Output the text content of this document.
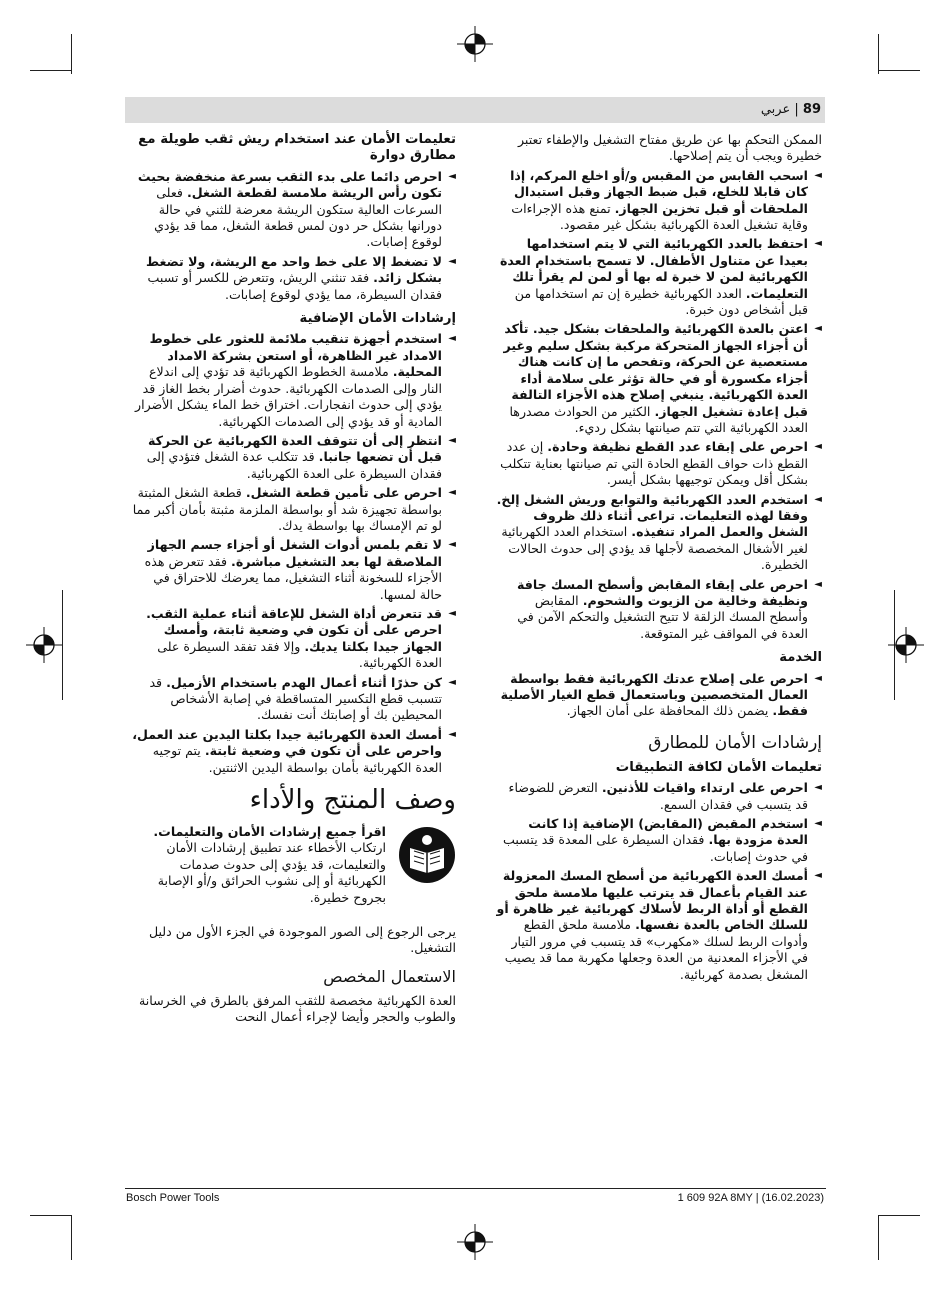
89 | عربي
الممكن التحكم بها عن طريق مفتاح التشغيل والإطفاء تعتبر خطيرة ويجب أن يتم إصلاحها.
◄
اسحب القابس من المقبس و/أو اخلع المركم، إذا كان قابلا للخلع، قبل ضبط الجهاز وقبل استبدال الملحقات أو قبل تخزين الجهاز. تمنع هذه الإجراءات وقاية تشغيل العدة الكهربائية بشكل غير مقصود.
◄
احتفظ بالعدد الكهربائية التي لا يتم استخدامها بعيدا عن متناول الأطفال. لا تسمح باستخدام العدة الكهربائية لمن لا خبرة له بها أو لمن لم يقرأ تلك التعليمات. العدد الكهربائية خطيرة إن تم استخدامها من قبل أشخاص دون خبرة.
◄
اعتن بالعدة الكهربائية والملحقات بشكل جيد. تأكد أن أجزاء الجهاز المتحركة مركبة بشكل سليم وغير مستعصية عن الحركة، وتفحص ما إن كانت هناك أجزاء مكسورة أو في حالة تؤثر على سلامة أداء العدة الكهربائية. ينبغي إصلاح هذه الأجزاء التالفة قبل إعادة تشغيل الجهاز. الكثير من الحوادث مصدرها العدد الكهربائية التي تتم صيانتها بشكل رديء.
◄
احرص على إبقاء عدد القطع نظيفة وحادة. إن عدد القطع ذات حواف القطع الحادة التي تم صيانتها بعناية تتكلب بشكل أقل ويمكن توجيهها بشكل أيسر.
◄
استخدم العدد الكهربائية والتوابع وريش الشغل إلخ. وفقا لهذه التعليمات. تراعى أثناء ذلك ظروف الشغل والعمل المراد تنفيذه. استخدام العدد الكهربائية لغير الأشغال المخصصة لأجلها قد يؤدي إلى حدوث الحالات الخطيرة.
◄
احرص على إبقاء المقابض وأسطح المسك جافة ونظيفة وخالية من الزيوت والشحوم. المقابض وأسطح المسك الزلقة لا تتيح التشغيل والتحكم الآمن في العدة في المواقف غير المتوقعة.
الخدمة
◄
احرص على إصلاح عدتك الكهربائية فقط بواسطة العمال المتخصصين وباستعمال قطع الغيار الأصلية فقط. يضمن ذلك المحافظة على أمان الجهاز.
إرشادات الأمان للمطارق
تعليمات الأمان لكافة التطبيقات
◄
احرص على ارتداء واقيات للأذنين. التعرض للضوضاء قد يتسبب في فقدان السمع.
◄
استخدم المقبض (المقابض) الإضافية إذا كانت العدة مزودة بها. فقدان السيطرة على المعدة قد يتسبب في حدوث إصابات.
◄
أمسك العدة الكهربائية من أسطح المسك المعزولة عند القيام بأعمال قد يترتب عليها ملامسة ملحق القطع أو أداة الربط لأسلاك كهربائية غير ظاهرة أو للسلك الخاص بالعدة نفسها. ملامسة ملحق القطع وأدوات الربط لسلك «مكهرب» قد يتسبب في مرور التيار في الأجزاء المعدنية من العدة وجعلها مكهربة مما قد يصيب المشغل بصدمة كهربائية.
تعليمات الأمان عند استخدام ريش ثقب طويلة مع مطارق دوارة
◄
احرص دائما على بدء الثقب بسرعة منخفضة بحيث تكون رأس الريشة ملامسة لقطعة الشغل. فعلى السرعات العالية ستكون الريشة معرضة للثني في حالة دورانها بشكل حر دون لمس قطعة الشغل، مما قد يؤدي لوقوع إصابات.
◄
لا تضغط إلا على خط واحد مع الريشة، ولا تضغط بشكل زائد. فقد تنثني الريش، وتتعرض للكسر أو تسبب فقدان السيطرة، مما يؤدي لوقوع إصابات.
إرشادات الأمان الإضافية
◄
استخدم أجهزة تنقيب ملائمة للعثور على خطوط الامداد غير الظاهرة، أو استعن بشركة الامداد المحلية. ملامسة الخطوط الكهربائية قد تؤدي إلى اندلاع النار وإلى الصدمات الكهربائية. حدوث أضرار بخط الغاز قد يؤدي إلى حدوث انفجارات. اختراق خط الماء يشكل الأضرار المادية أو قد يؤدي إلى الصدمات الكهربائية.
◄
انتظر إلى أن تتوقف العدة الكهربائية عن الحركة قبل أن تضعها جانبا. قد تتكلب عدة الشغل فتؤدي إلى فقدان السيطرة على العدة الكهربائية.
◄
احرص على تأمين قطعة الشغل. قطعة الشغل المثبتة بواسطة تجهيزة شد أو بواسطة الملزمة مثبتة بأمان أكبر مما لو تم الإمساك بها بواسطة يدك.
◄
لا تقم بلمس أدوات الشغل أو أجزاء جسم الجهاز الملاصقة لها بعد التشغيل مباشرة. فقد تتعرض هذه الأجزاء للسخونة أثناء التشغيل، مما يعرضك للاحتراق في حالة لمسها.
◄
قد تتعرض أداة الشغل للإعاقة أثناء عملية الثقب. احرص على أن تكون في وضعية ثابتة، وأمسك الجهاز جيدا بكلتا يديك. وإلا فقد تفقد السيطرة على العدة الكهربائية.
◄
كن حذرًا أثناء أعمال الهدم باستخدام الأزميل. قد تتسبب قطع التكسير المتساقطة في إصابة الأشخاص المحيطين بك أو إصابتك أنت نفسك.
◄
أمسك العدة الكهربائية جيدا بكلتا اليدين عند العمل، واحرص على أن تكون في وضعية ثابتة. يتم توجيه العدة الكهربائية بأمان بواسطة اليدين الاثنتين.
وصف المنتج والأداء
اقرأ جميع إرشادات الأمان والتعليمات. ارتكاب الأخطاء عند تطبيق إرشادات الأمان والتعليمات، قد يؤدي إلى حدوث صدمات الكهربائية أو إلى نشوب الحرائق و/أو الإصابة بجروح خطيرة.
يرجى الرجوع إلى الصور الموجودة في الجزء الأول من دليل التشغيل.
الاستعمال المخصص
العدة الكهربائية مخصصة للثقب المرفق بالطرق في الخرسانة والطوب والحجر وأيضا لإجراء أعمال النحت
Bosch Power Tools	1 609 92A 8MY | (16.02.2023)
